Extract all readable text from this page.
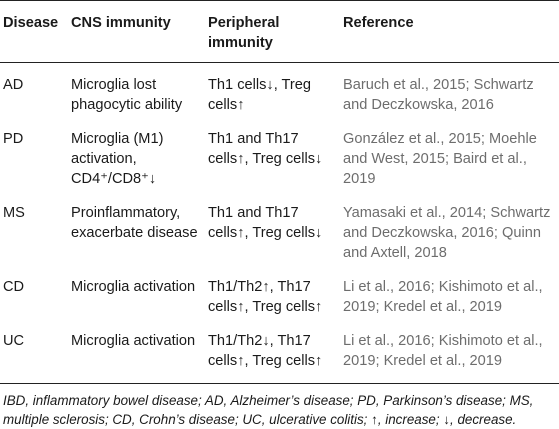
Disease	CNS immunity	Peripheral immunity	Reference
AD	Microglia lost phagocytic ability	Th1 cells↓, Treg cells↑	Baruch et al., 2015; Schwartz and Deczkowska, 2016
PD	Microglia (M1) activation, CD4⁺/CD8⁺↓	Th1 and Th17 cells↑, Treg cells↓	González et al., 2015; Moehle and West, 2015; Baird et al., 2019
MS	Proinflammatory, exacerbate disease	Th1 and Th17 cells↑, Treg cells↓	Yamasaki et al., 2014; Schwartz and Deczkowska, 2016; Quinn and Axtell, 2018
CD	Microglia activation	Th1/Th2↑, Th17 cells↑, Treg cells↑	Li et al., 2016; Kishimoto et al., 2019; Kredel et al., 2019
UC	Microglia activation	Th1/Th2↓, Th17 cells↑, Treg cells↑	Li et al., 2016; Kishimoto et al., 2019; Kredel et al., 2019
IBD, inflammatory bowel disease; AD, Alzheimer’s disease; PD, Parkinson’s disease; MS, multiple sclerosis; CD, Crohn’s disease; UC, ulcerative colitis; ↑, increase; ↓, decrease.
